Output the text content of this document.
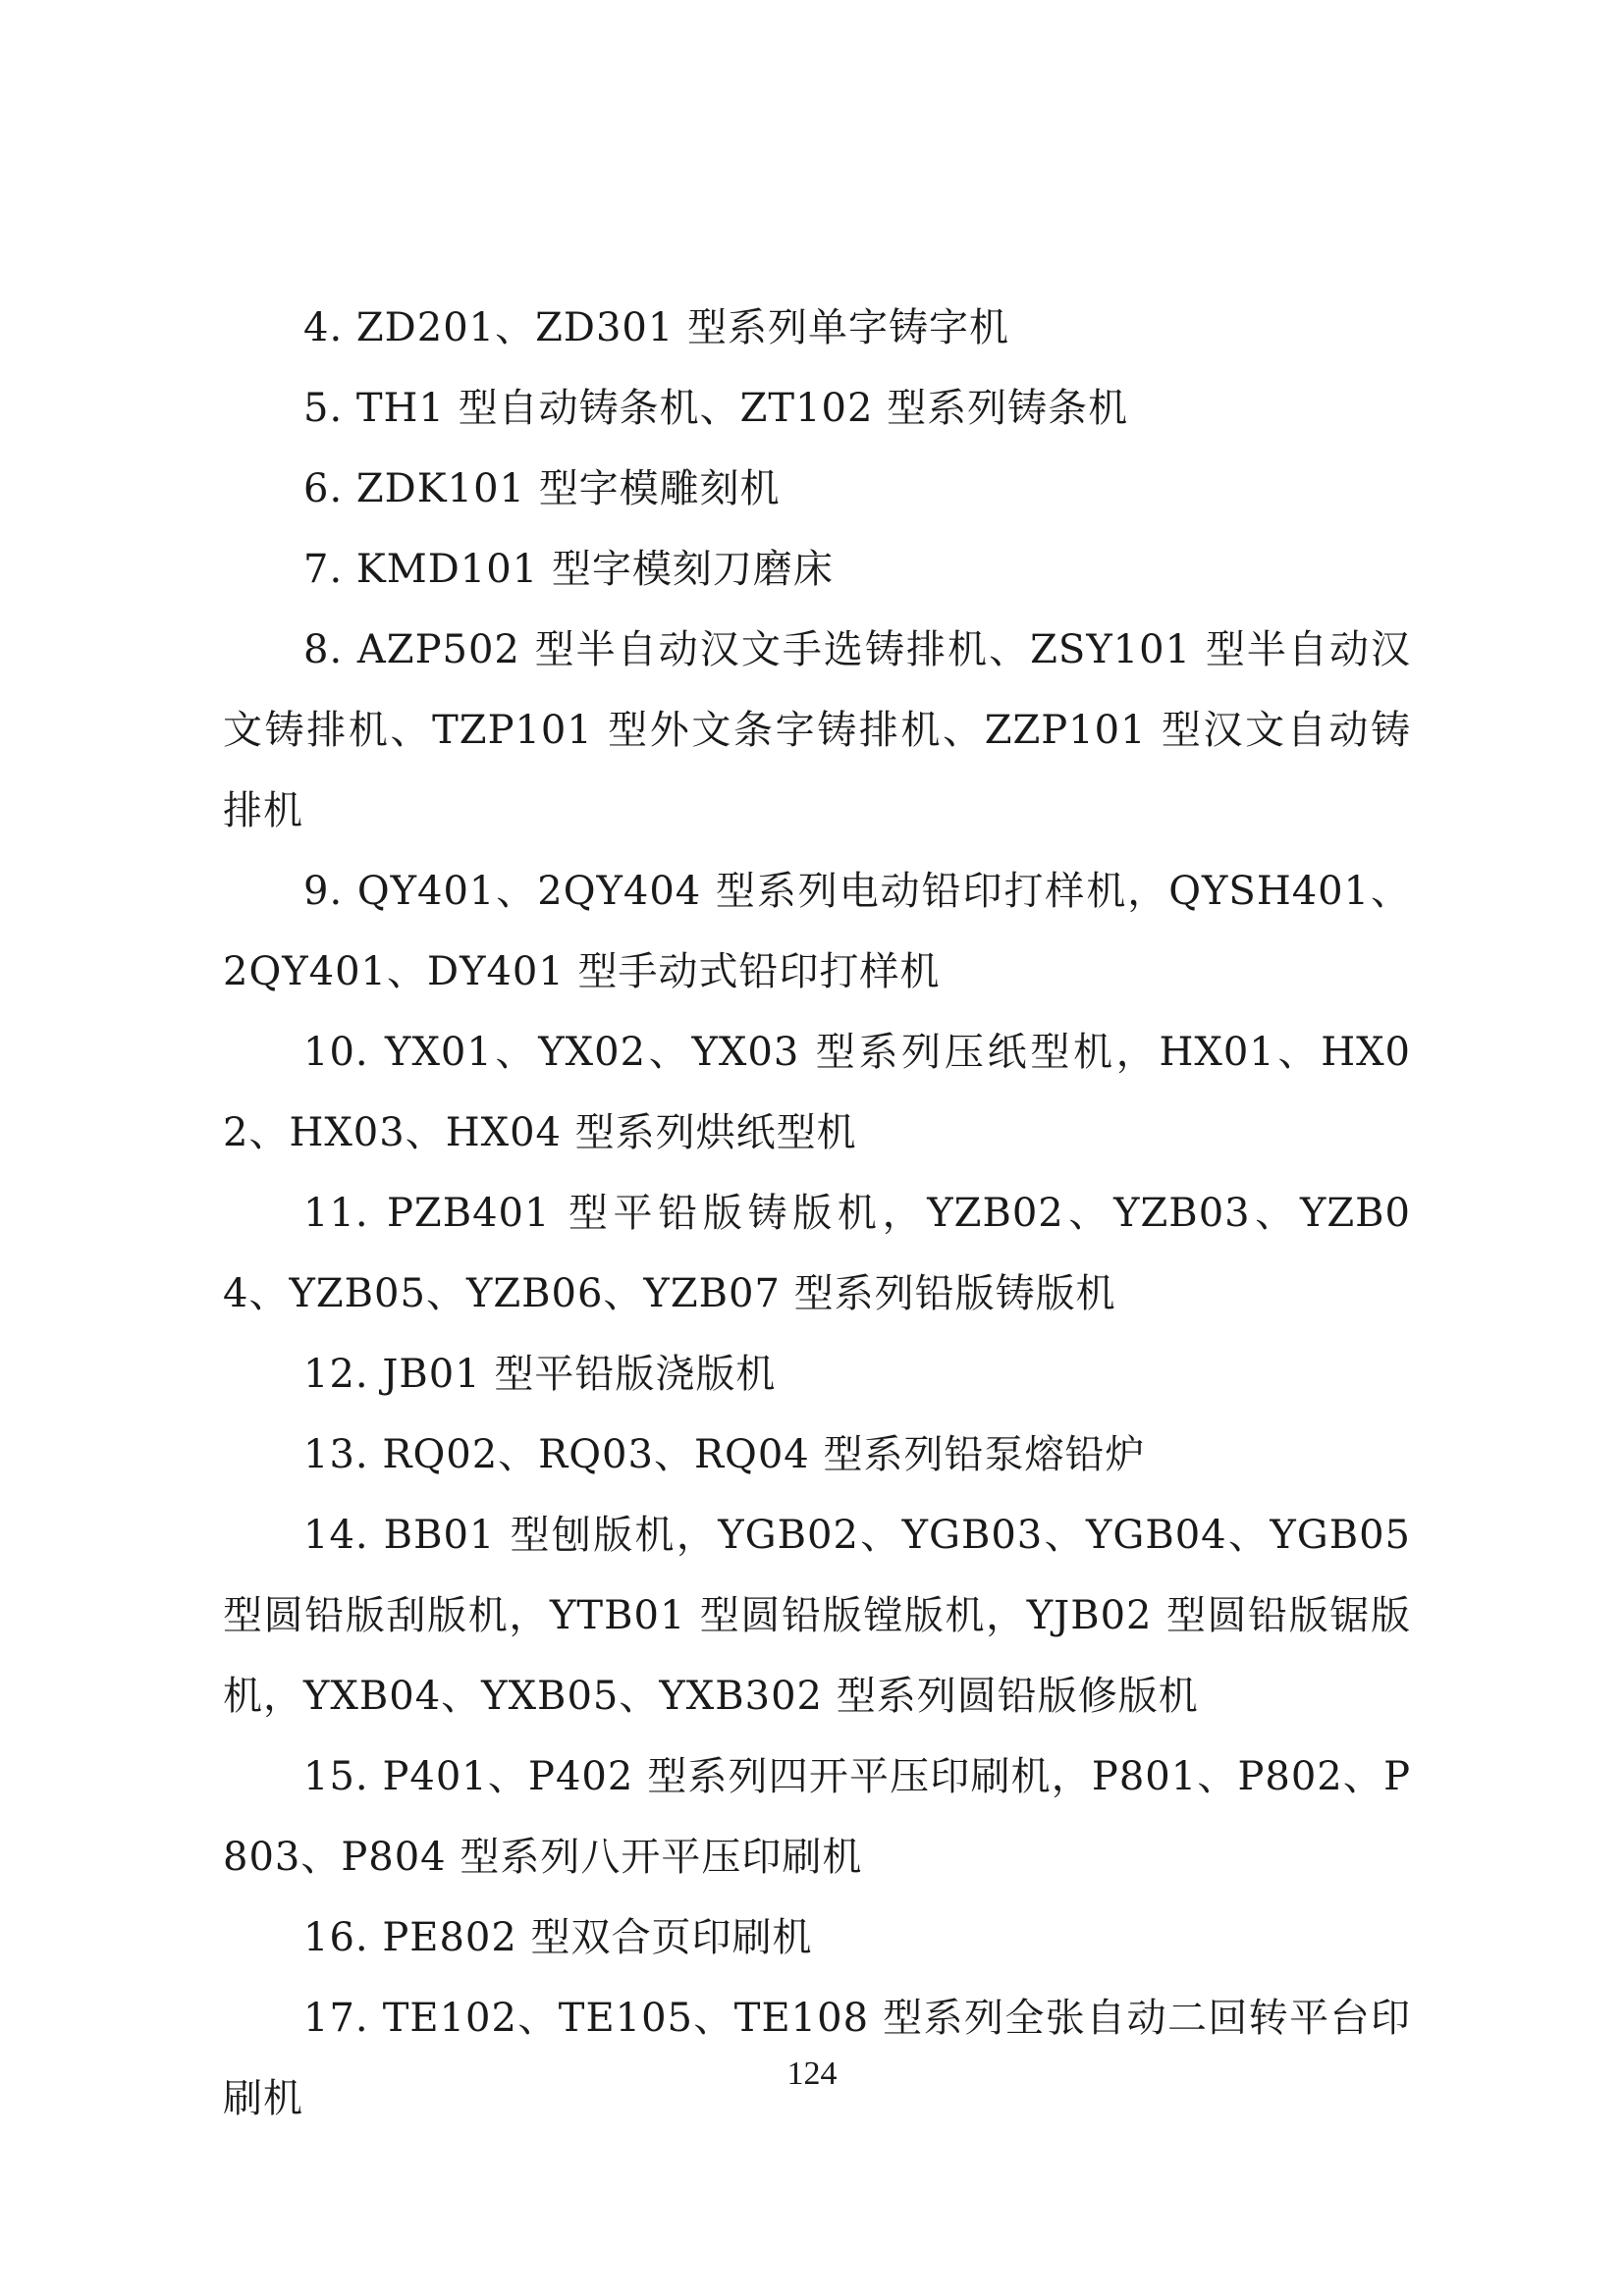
4. ZD201、ZD301 型系列单字铸字机

5. TH1 型自动铸条机、ZT102 型系列铸条机

6. ZDK101 型字模雕刻机

7. KMD101 型字模刻刀磨床

8. AZP502 型半自动汉文手选铸排机、ZSY101 型半自动汉文铸排机、TZP101 型外文条字铸排机、ZZP101 型汉文自动铸排机

9. QY401、2QY404 型系列电动铅印打样机，QYSH401、2QY401、DY401 型手动式铅印打样机

10. YX01、YX02、YX03 型系列压纸型机，HX01、HX02、HX03、HX04 型系列烘纸型机

11. PZB401 型平铅版铸版机，YZB02、YZB03、YZB04、YZB05、YZB06、YZB07 型系列铅版铸版机

12. JB01 型平铅版浇版机

13. RQ02、RQ03、RQ04 型系列铅泵熔铅炉

14. BB01 型刨版机，YGB02、YGB03、YGB04、YGB05 型圆铅版刮版机，YTB01 型圆铅版镗版机，YJB02 型圆铅版锯版机，YXB04、YXB05、YXB302 型系列圆铅版修版机

15. P401、P402 型系列四开平压印刷机，P801、P802、P803、P804 型系列八开平压印刷机

16. PE802 型双合页印刷机

17. TE102、TE105、TE108 型系列全张自动二回转平台印刷机

124
